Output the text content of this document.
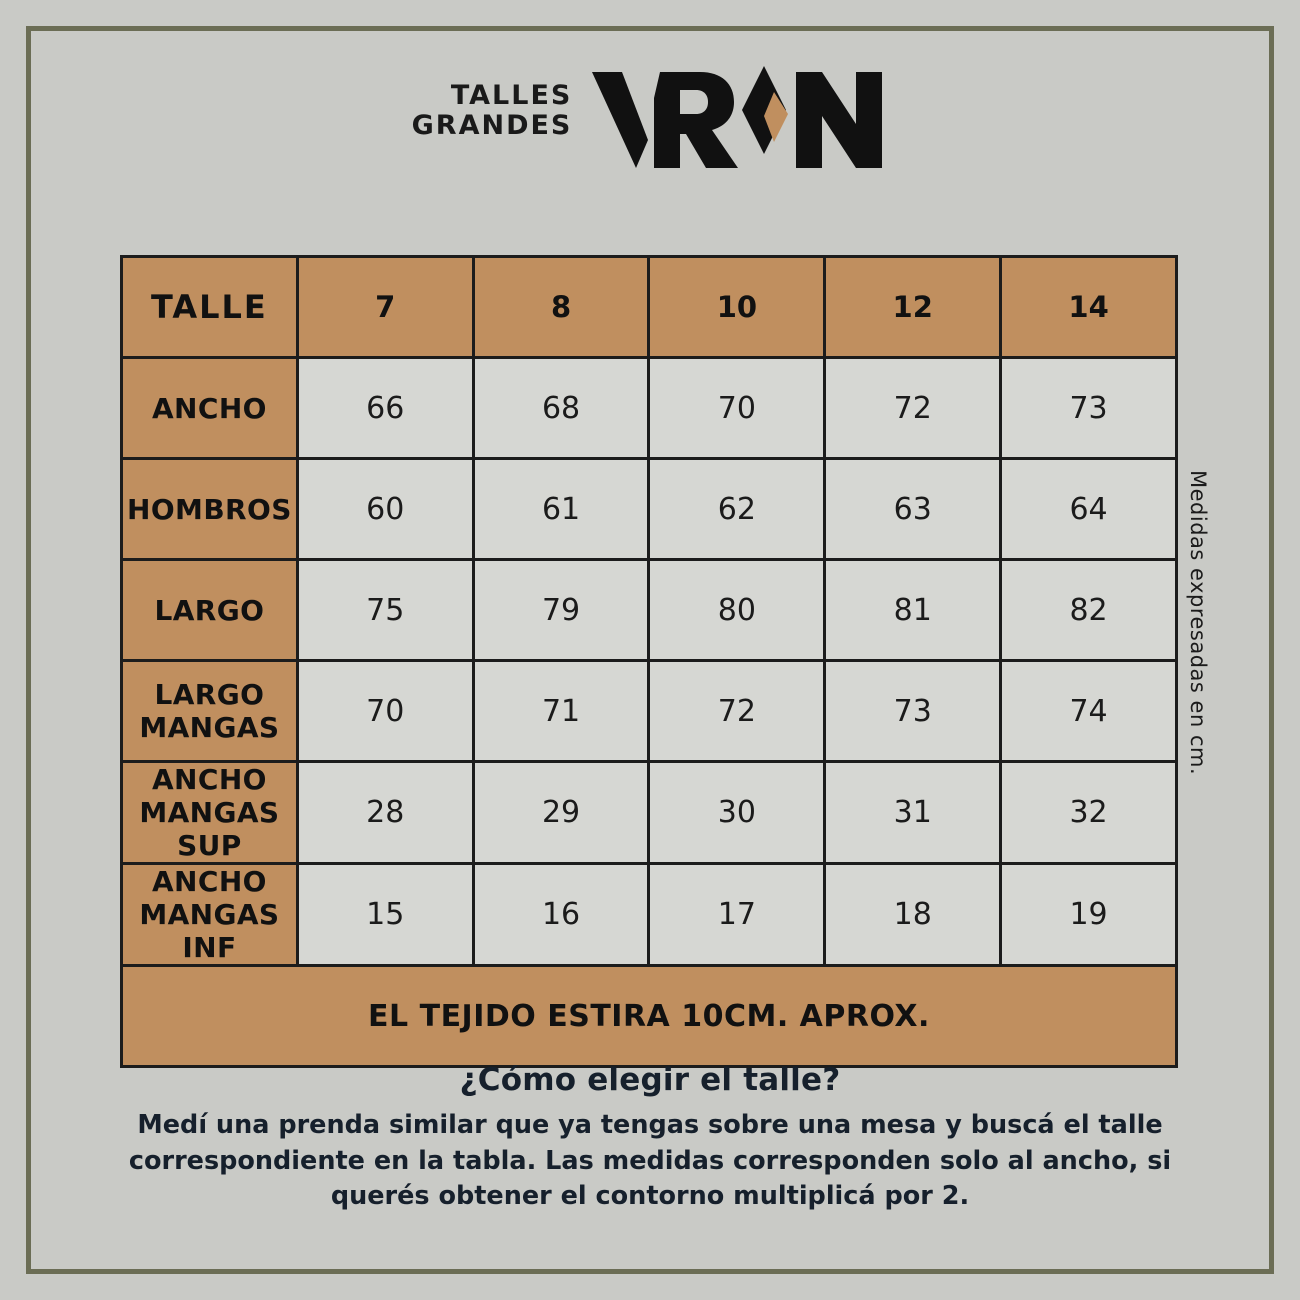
TALLES
GRANDES
TALLE	7	8	10	12	14
ANCHO	66	68	70	72	73
HOMBROS	60	61	62	63	64
LARGO	75	79	80	81	82
LARGO MANGAS	70	71	72	73	74
ANCHO MANGAS SUP	28	29	30	31	32
ANCHO MANGAS INF	15	16	17	18	19
EL TEJIDO ESTIRA 10CM. APROX.					
Medidas expresadas en cm.
¿Cómo elegir el talle?

Medí una prenda similar que ya tengas sobre una mesa y buscá el talle correspondiente en la tabla. Las medidas corresponden solo al ancho, si querés obtener el contorno multiplicá por 2.
